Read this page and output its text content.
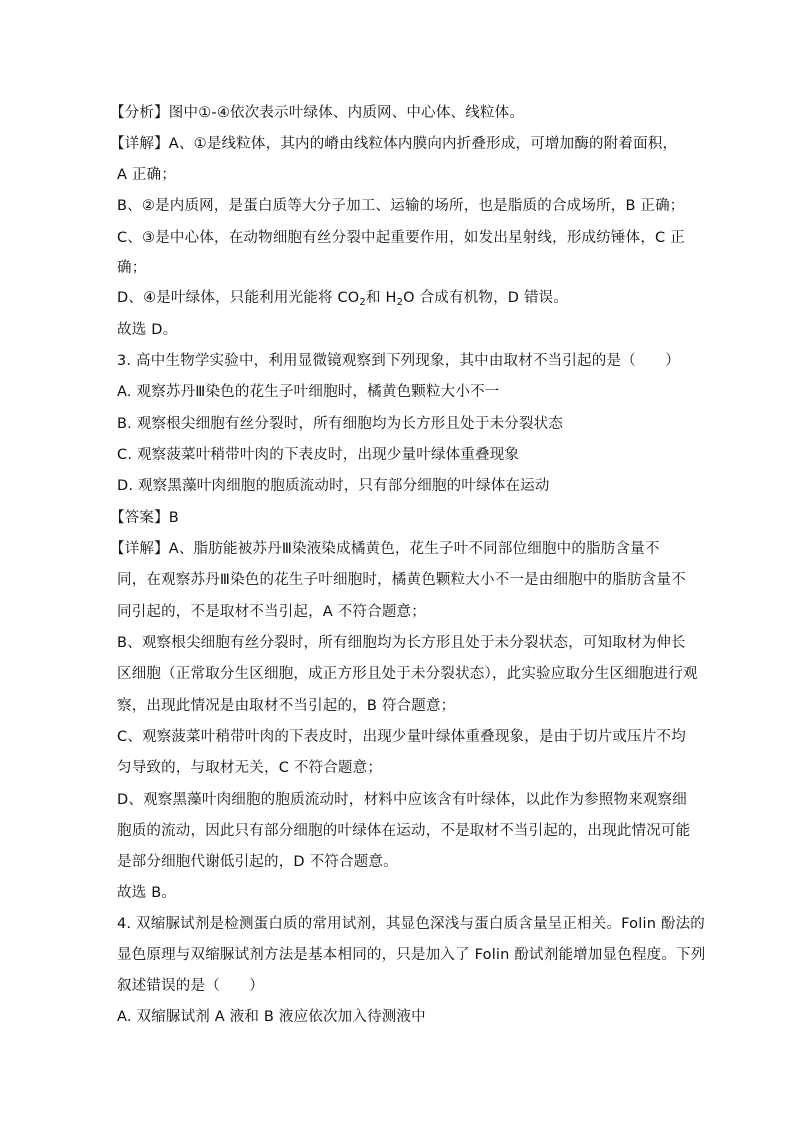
【分析】图中①-④依次表示叶绿体、内质网、中心体、线粒体。
【详解】A、①是线粒体，其内的嵴由线粒体内膜向内折叠形成，可增加酶的附着面积，
A 正确；
B、②是内质网，是蛋白质等大分子加工、运输的场所，也是脂质的合成场所，B 正确；
C、③是中心体，在动物细胞有丝分裂中起重要作用，如发出星射线，形成纺锤体，C 正
确；
D、④是叶绿体，只能利用光能将 $CO_2$和 $H_2O$ 合成有机物，D 错误。
故选 D。
3. 高中生物学实验中，利用显微镜观察到下列现象，其中由取材不当引起的是（　　）
A. 观察苏丹Ⅲ染色的花生子叶细胞时，橘黄色颗粒大小不一
B. 观察根尖细胞有丝分裂时，所有细胞均为长方形且处于未分裂状态
C. 观察菠菜叶稍带叶肉的下表皮时，出现少量叶绿体重叠现象
D. 观察黑藻叶肉细胞的胞质流动时，只有部分细胞的叶绿体在运动
【答案】B
【详解】A、脂肪能被苏丹Ⅲ染液染成橘黄色，花生子叶不同部位细胞中的脂肪含量不
同，在观察苏丹Ⅲ染色的花生子叶细胞时，橘黄色颗粒大小不一是由细胞中的脂肪含量不
同引起的，不是取材不当引起，A 不符合题意；
B、观察根尖细胞有丝分裂时，所有细胞均为长方形且处于未分裂状态，可知取材为伸长
区细胞（正常取分生区细胞，成正方形且处于未分裂状态），此实验应取分生区细胞进行观
察，出现此情况是由取材不当引起的，B 符合题意；
C、观察菠菜叶稍带叶肉的下表皮时，出现少量叶绿体重叠现象，是由于切片或压片不均
匀导致的，与取材无关，C 不符合题意；
D、观察黑藻叶肉细胞的胞质流动时，材料中应该含有叶绿体，以此作为参照物来观察细
胞质的流动，因此只有部分细胞的叶绿体在运动，不是取材不当引起的，出现此情况可能
是部分细胞代谢低引起的，D 不符合题意。
故选 B。
4. 双缩脲试剂是检测蛋白质的常用试剂，其显色深浅与蛋白质含量呈正相关。Folin 酚法的
显色原理与双缩脲试剂方法是基本相同的，只是加入了 Folin 酚试剂能增加显色程度。下列
叙述错误的是（　　）
A. 双缩脲试剂 A 液和 B 液应依次加入待测液中
